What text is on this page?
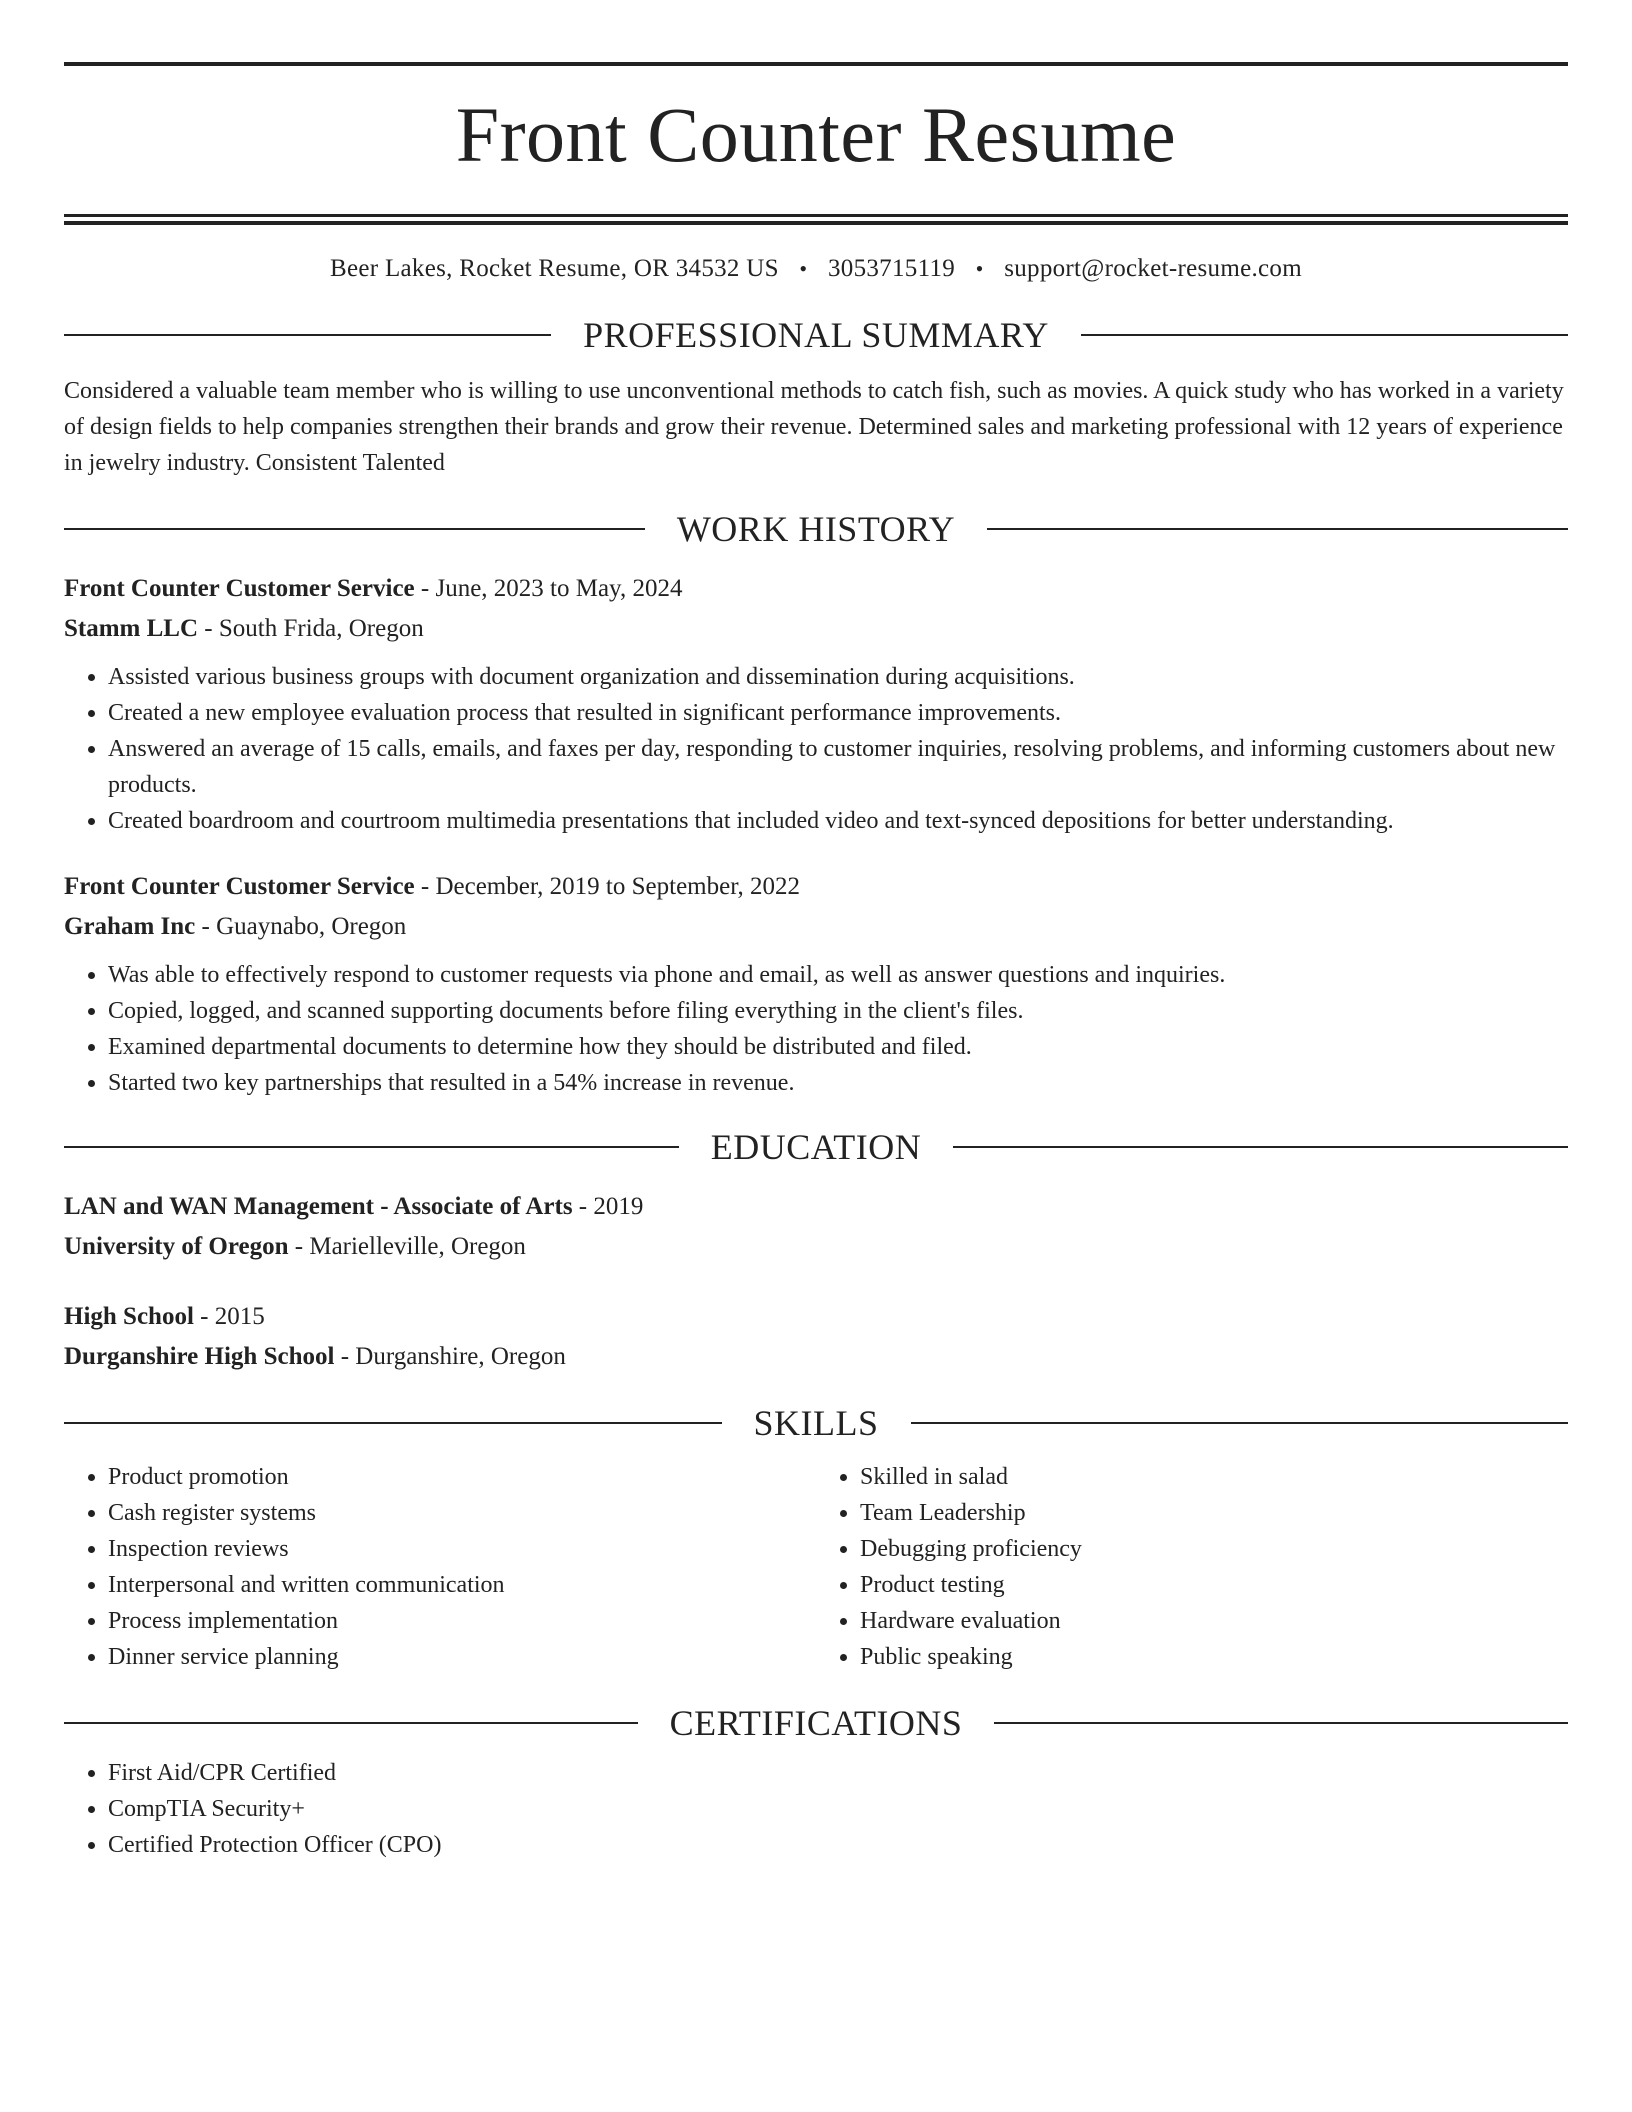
Front Counter Resume
Beer Lakes, Rocket Resume, OR 34532 US • 3053715119 • support@rocket-resume.com
PROFESSIONAL SUMMARY
Considered a valuable team member who is willing to use unconventional methods to catch fish, such as movies. A quick study who has worked in a variety of design fields to help companies strengthen their brands and grow their revenue. Determined sales and marketing professional with 12 years of experience in jewelry industry. Consistent Talented
WORK HISTORY
Front Counter Customer Service - June, 2023 to May, 2024
Stamm LLC - South Frida, Oregon
• Assisted various business groups with document organization and dissemination during acquisitions.
• Created a new employee evaluation process that resulted in significant performance improvements.
• Answered an average of 15 calls, emails, and faxes per day, responding to customer inquiries, resolving problems, and informing customers about new products.
• Created boardroom and courtroom multimedia presentations that included video and text-synced depositions for better understanding.
Front Counter Customer Service - December, 2019 to September, 2022
Graham Inc - Guaynabo, Oregon
• Was able to effectively respond to customer requests via phone and email, as well as answer questions and inquiries.
• Copied, logged, and scanned supporting documents before filing everything in the client's files.
• Examined departmental documents to determine how they should be distributed and filed.
• Started two key partnerships that resulted in a 54% increase in revenue.
EDUCATION
LAN and WAN Management - Associate of Arts - 2019
University of Oregon - Marielleville, Oregon
High School - 2015
Durganshire High School - Durganshire, Oregon
SKILLS
• Product promotion
• Cash register systems
• Inspection reviews
• Interpersonal and written communication
• Process implementation
• Dinner service planning
• Skilled in salad
• Team Leadership
• Debugging proficiency
• Product testing
• Hardware evaluation
• Public speaking
CERTIFICATIONS
• First Aid/CPR Certified
• CompTIA Security+
• Certified Protection Officer (CPO)
